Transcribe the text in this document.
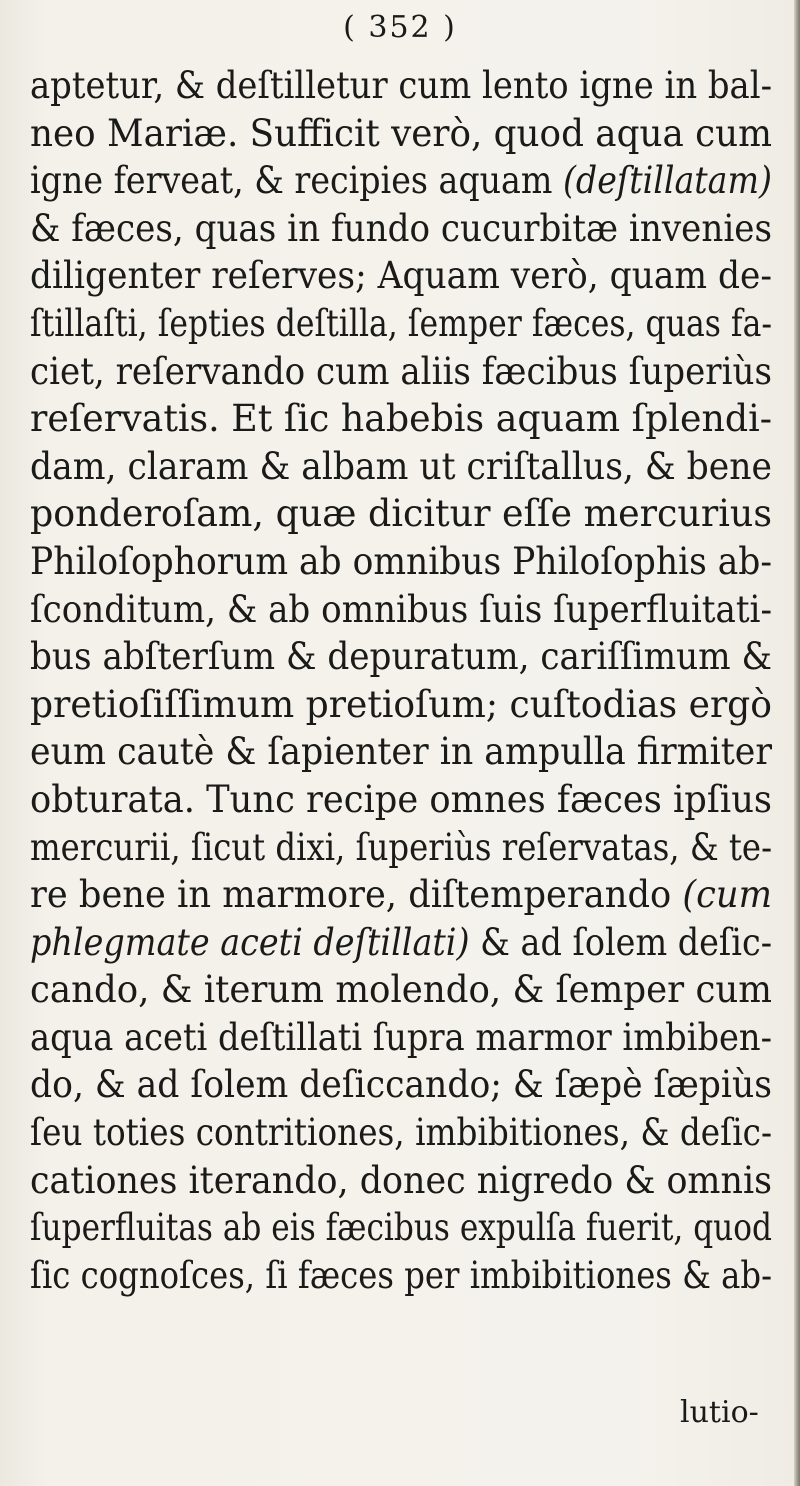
( 352 )
aptetur, & deſtilletur cum lento igne in bal-
neo Mariæ. Sufficit verò, quod aqua cum
igne ferveat, & recipies aquam (deſtillatam)
& fæces, quas in fundo cucurbitæ invenies
diligenter reſerves; Aquam verò, quam de-
ſtillaſti, ſepties deſtilla, ſemper fæces, quas fa-
ciet, reſervando cum aliis fæcibus ſuperiùs
reſervatis. Et ſic habebis aquam ſplendi-
dam, claram & albam ut criſtallus, & bene
ponderoſam, quæ dicitur eſſe mercurius
Philoſophorum ab omnibus Philoſophis ab-
ſconditum, & ab omnibus ſuis ſuperfluitati-
bus abſterſum & depuratum, cariſſimum &
pretioſiſſimum pretioſum; cuſtodias ergò
eum cautè & ſapienter in ampulla firmiter
obturata. Tunc recipe omnes fæces ipſius
mercurii, ſicut dixi, ſuperiùs reſervatas, & te-
re bene in marmore, diſtemperando (cum
phlegmate aceti deſtillati) & ad ſolem deſic-
cando, & iterum molendo, & ſemper cum
aqua aceti deſtillati ſupra marmor imbiben-
do, & ad ſolem deſiccando; & ſæpè ſæpiùs
ſeu toties contritiones, imbibitiones, & deſic-
cationes iterando, donec nigredo & omnis
ſuperfluitas ab eis fæcibus expulſa fuerit, quod
ſic cognoſces, ſi fæces per imbibitiones & ab-
lutio-
